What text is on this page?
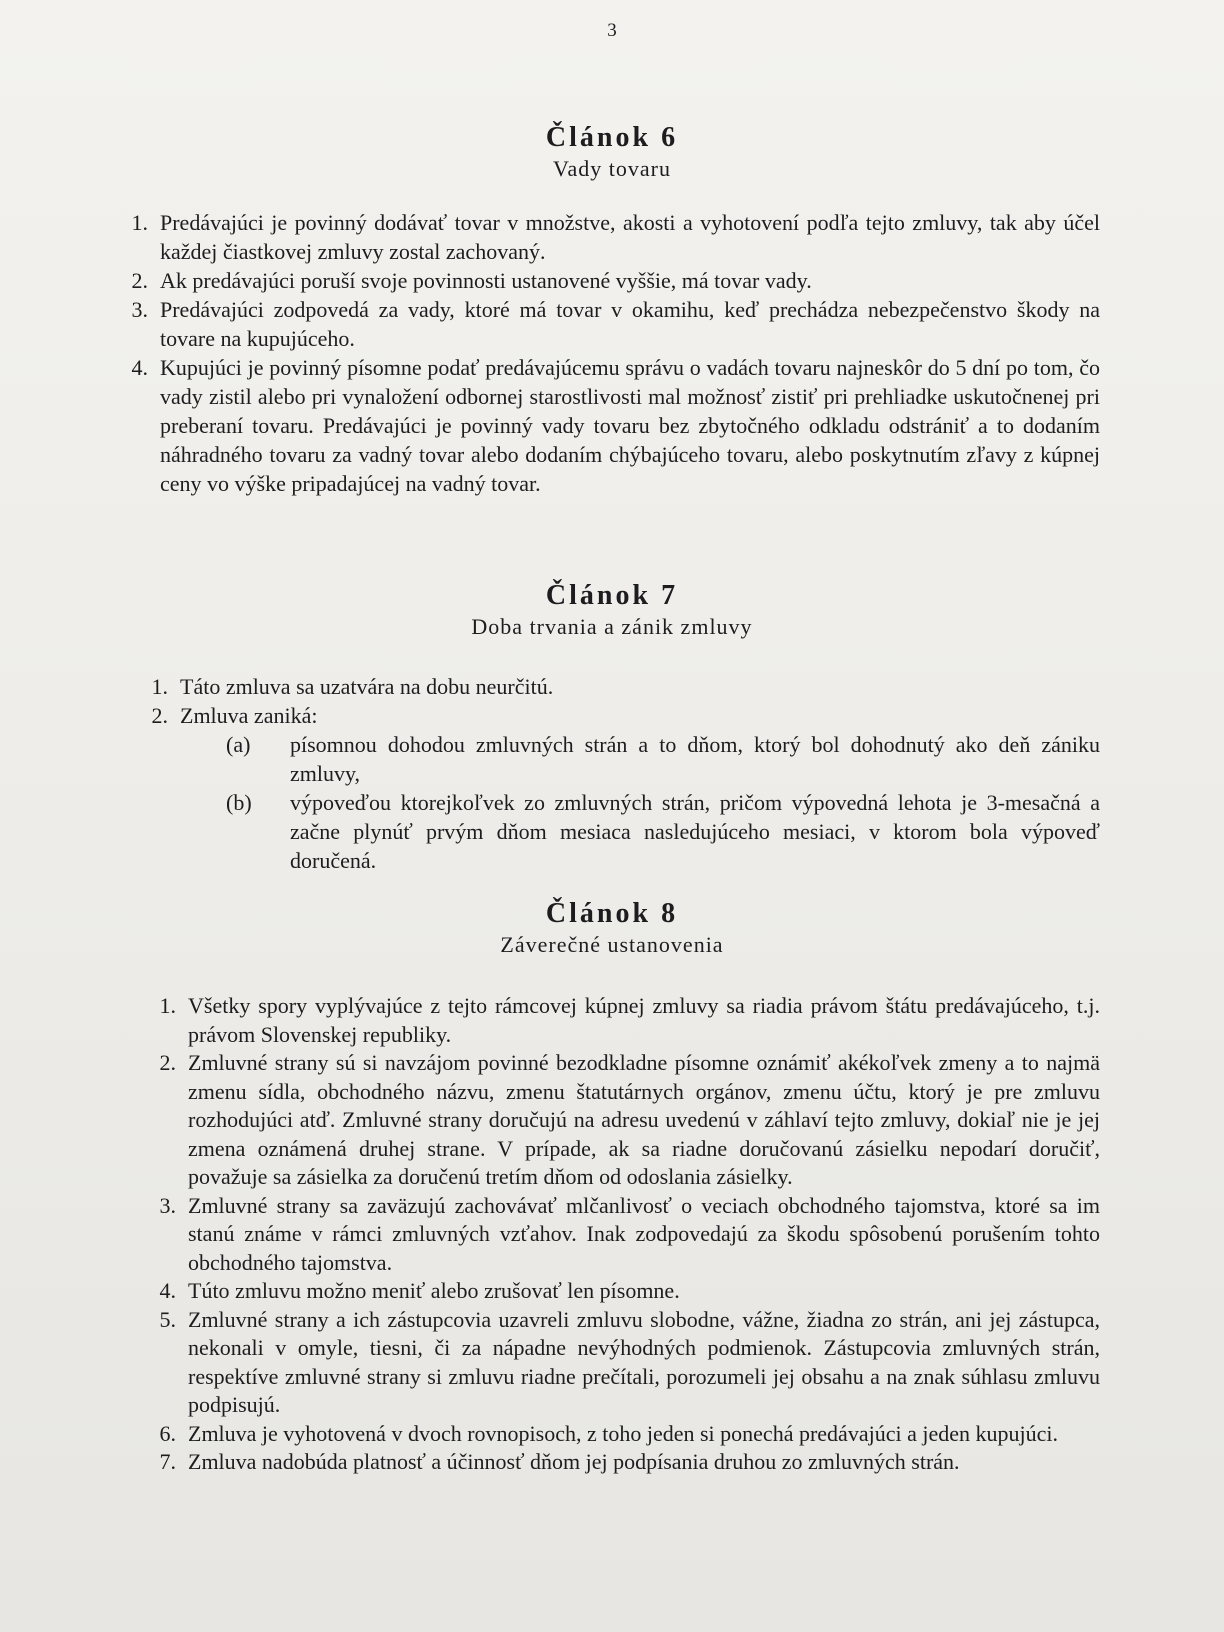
3
Článok 6
Vady tovaru
1. Predávajúci je povinný dodávať tovar v množstve, akosti a vyhotovení podľa tejto zmluvy, tak aby účel každej čiastkovej zmluvy zostal zachovaný.
2. Ak predávajúci poruší svoje povinnosti ustanovené vyššie, má tovar vady.
3. Predávajúci zodpovedá za vady, ktoré má tovar v okamihu, keď prechádza nebezpečenstvo škody na tovare na kupujúceho.
4. Kupujúci je povinný písomne podať predávajúcemu správu o vadách tovaru najneskôr do 5 dní po tom, čo vady zistil alebo pri vynaložení odbornej starostlivosti mal možnosť zistiť pri prehliadke uskutočnenej pri preberaní tovaru. Predávajúci je povinný vady tovaru bez zbytočného odkladu odstrániť a to dodaním náhradného tovaru za vadný tovar alebo dodaním chýbajúceho tovaru, alebo poskytnutím zľavy z kúpnej ceny vo výške pripadajúcej na vadný tovar.
Článok 7
Doba trvania a zánik zmluvy
1. Táto zmluva sa uzatvára na dobu neurčitú.
2. Zmluva zaniká:
(a) písomnou dohodou zmluvných strán a to dňom, ktorý bol dohodnutý ako deň zániku zmluvy,
(b) výpoveďou ktorejkoľvek zo zmluvných strán, pričom výpovedná lehota je 3-mesačná a začne plynúť prvým dňom mesiaca nasledujúceho mesiaci, v ktorom bola výpoveď doručená.
Článok 8
Záverečné ustanovenia
1. Všetky spory vyplývajúce z tejto rámcovej kúpnej zmluvy sa riadia právom štátu predávajúceho, t.j. právom Slovenskej republiky.
2. Zmluvné strany sú si navzájom povinné bezodkladne písomne oznámiť akékoľvek zmeny a to najmä zmenu sídla, obchodného názvu, zmenu štatutárnych orgánov, zmenu účtu, ktorý je pre zmluvu rozhodujúci atď. Zmluvné strany doručujú na adresu uvedenú v záhlaví tejto zmluvy, dokiaľ nie je jej zmena oznámená druhej strane. V prípade, ak sa riadne doručovanú zásielku nepodarí doručiť, považuje sa zásielka za doručenú tretím dňom od odoslania zásielky.
3. Zmluvné strany sa zaväzujú zachovávať mlčanlivosť o veciach obchodného tajomstva, ktoré sa im stanú známe v rámci zmluvných vzťahov. Inak zodpovedajú za škodu spôsobenú porušením tohto obchodného tajomstva.
4. Túto zmluvu možno meniť alebo zrušovať len písomne.
5. Zmluvné strany a ich zástupcovia uzavreli zmluvu slobodne, vážne, žiadna zo strán, ani jej zástupca, nekonali v omyle, tiesni, či za nápadne nevýhodných podmienok. Zástupcovia zmluvných strán, respektíve zmluvné strany si zmluvu riadne prečítali, porozumeli jej obsahu a na znak súhlasu zmluvu podpisujú.
6. Zmluva je vyhotovená v dvoch rovnopisoch, z toho jeden si ponechá predávajúci a jeden kupujúci.
7. Zmluva nadobúda platnosť a účinnosť dňom jej podpísania druhou zo zmluvných strán.
